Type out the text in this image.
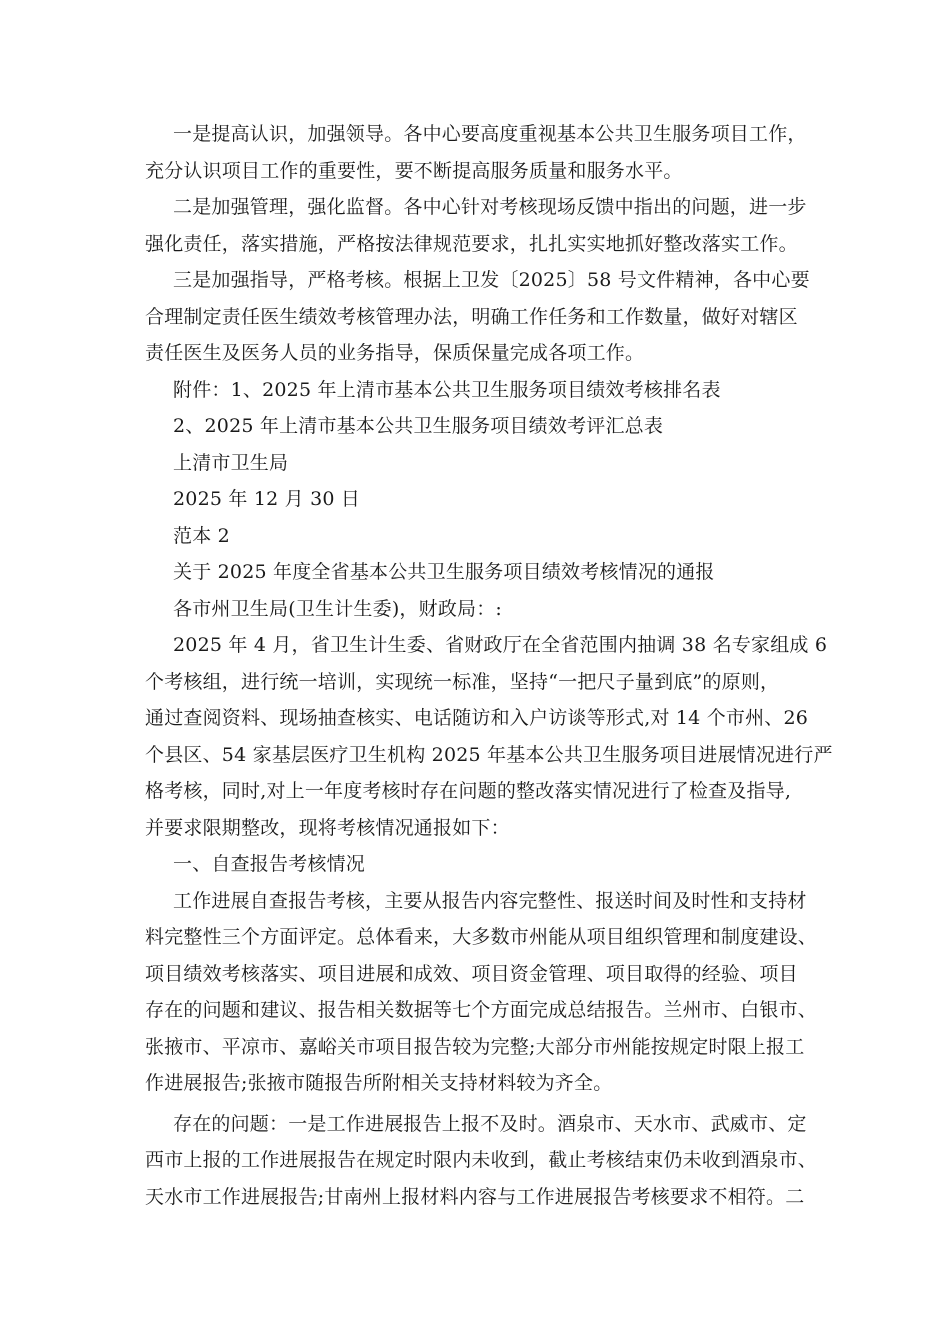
一是提高认识，加强领导。各中心要高度重视基本公共卫生服务项目工作，
充分认识项目工作的重要性，要不断提高服务质量和服务水平。
二是加强管理，强化监督。各中心针对考核现场反馈中指出的问题，进一步
强化责任，落实措施，严格按法律规范要求，扎扎实实地抓好整改落实工作。
三是加强指导，严格考核。根据上卫发〔2025〕58 号文件精神，各中心要
合理制定责任医生绩效考核管理办法，明确工作任务和工作数量，做好对辖区
责任医生及医务人员的业务指导，保质保量完成各项工作。
附件：1、2025 年上清市基本公共卫生服务项目绩效考核排名表
2、2025 年上清市基本公共卫生服务项目绩效考评汇总表
上清市卫生局
2025 年 12 月 30 日
范本 2
关于 2025 年度全省基本公共卫生服务项目绩效考核情况的通报
各市州卫生局(卫生计生委)，财政局：:
2025 年 4 月，省卫生计生委、省财政厅在全省范围内抽调 38 名专家组成 6
个考核组，进行统一培训，实现统一标准，坚持“一把尺子量到底”的原则，
通过查阅资料、现场抽查核实、电话随访和入户访谈等形式,对 14 个市州、26
个县区、54 家基层医疗卫生机构 2025 年基本公共卫生服务项目进展情况进行严
格考核，同时,对上一年度考核时存在问题的整改落实情况进行了检查及指导,
并要求限期整改，现将考核情况通报如下：
一、自查报告考核情况
工作进展自查报告考核，主要从报告内容完整性、报送时间及时性和支持材
料完整性三个方面评定。总体看来，大多数市州能从项目组织管理和制度建设、
项目绩效考核落实、项目进展和成效、项目资金管理、项目取得的经验、项目
存在的问题和建议、报告相关数据等七个方面完成总结报告。兰州市、白银市、
张掖市、平凉市、嘉峪关市项目报告较为完整;大部分市州能按规定时限上报工
作进展报告;张掖市随报告所附相关支持材料较为齐全。
存在的问题：一是工作进展报告上报不及时。酒泉市、天水市、武威市、定
西市上报的工作进展报告在规定时限内未收到，截止考核结束仍未收到酒泉市、
天水市工作进展报告;甘南州上报材料内容与工作进展报告考核要求不相符。二
